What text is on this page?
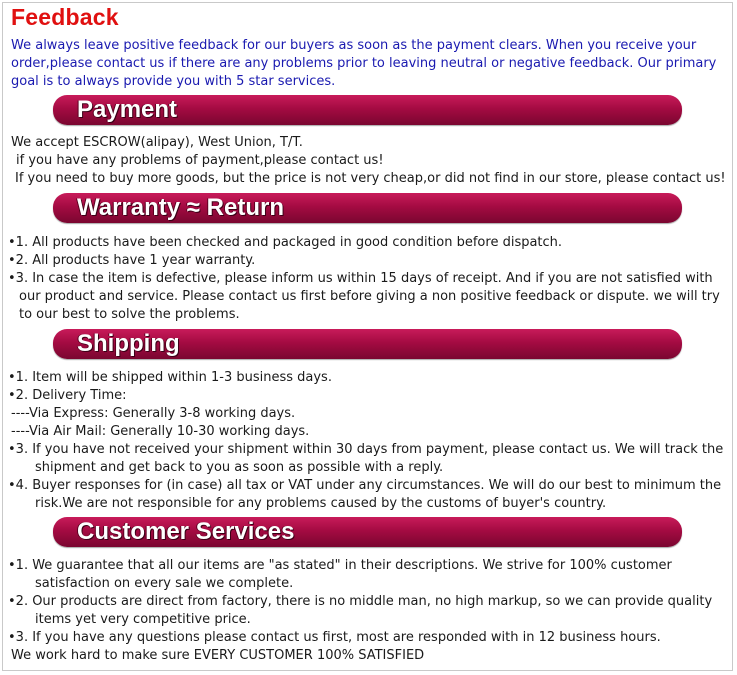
Feedback
We always leave positive feedback for our buyers as soon as the payment clears. When you receive your order,please contact us if there are any problems prior to leaving neutral or negative feedback. Our primary goal is to always provide you with 5 star services.
Payment
We accept ESCROW(alipay), West Union, T/T.
if you have any problems of payment,please contact us!
If you need to buy more goods, but the price is not very cheap,or did not find in our store, please contact us!
Warranty ≈ Return
•1. All products have been checked and packaged in good condition before dispatch.
•2. All products have 1 year warranty.
•3. In case the item is defective, please inform us within 15 days of receipt. And if you are not satisfied with
our product and service. Please contact us first before giving a non positive feedback or dispute. we will try
to our best to solve the problems.
Shipping
•1. Item will be shipped within 1-3 business days.
•2. Delivery Time:
----Via Express: Generally 3-8 working days.
----Via Air Mail: Generally 10-30 working days.
•3. If you have not received your shipment within 30 days from payment, please contact us. We will track the
shipment and get back to you as soon as possible with a reply.
•4. Buyer responses for (in case) all tax or VAT under any circumstances. We will do our best to minimum the
risk.We are not responsible for any problems caused by the customs of buyer's country.
Customer Services
•1. We guarantee that all our items are "as stated" in their descriptions. We strive for 100% customer
satisfaction on every sale we complete.
•2. Our products are direct from factory, there is no middle man, no high markup, so we can provide quality
items yet very competitive price.
•3. If you have any questions please contact us first, most are responded with in 12 business hours.
We work hard to make sure EVERY CUSTOMER 100% SATISFIED
